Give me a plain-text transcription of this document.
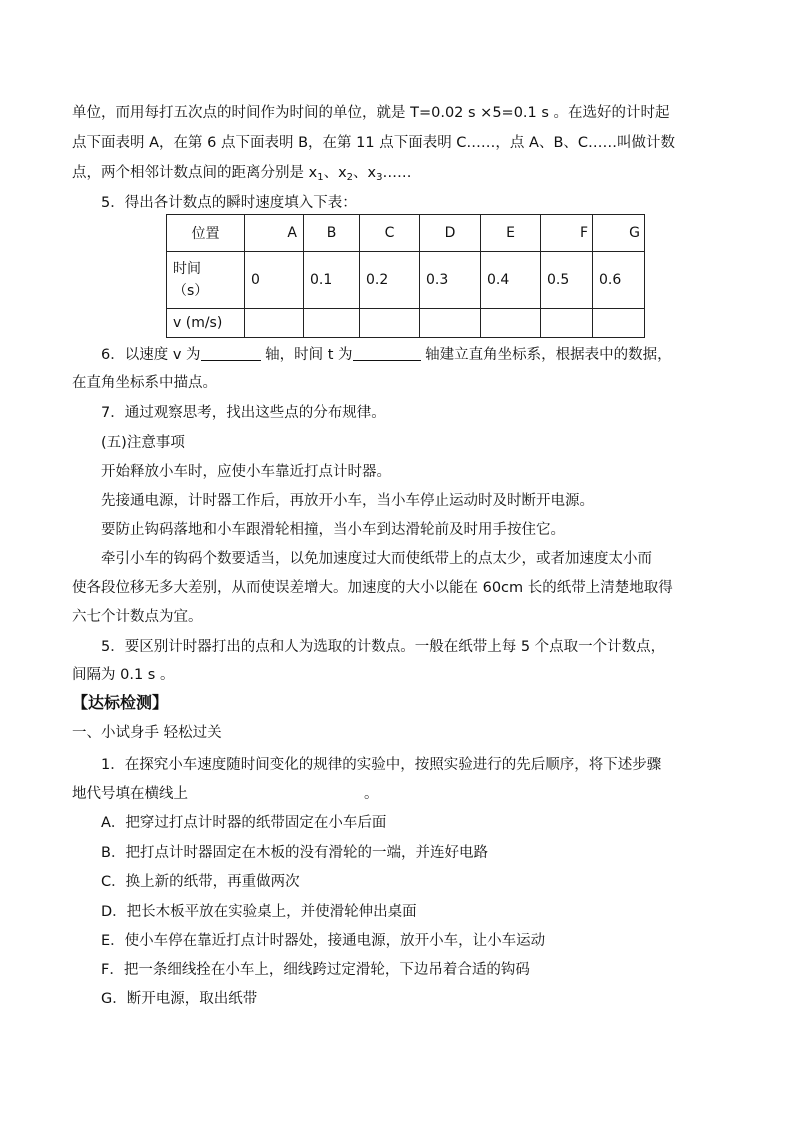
单位，而用每打五次点的时间作为时间的单位，就是 T=0.02 s ×5=0.1 s 。在选好的计时起
点下面表明 A，在第 6 点下面表明 B，在第 11 点下面表明 C……，点 A、B、C……叫做计数
点，两个相邻计数点间的距离分别是 $x_1$、$x_2$、$x_3\dots\dots$
5．得出各计数点的瞬时速度填入下表：
位置	A	B	C	D	E	F	G

时间
（s）	0	0.1	0.2	0.3	0.4	0.5	0.6
v (m/s)							
6．以速度 v 为	轴，时间 t 为	轴建立直角坐标系，根据表中的数据，
在直角坐标系中描点。
7．通过观察思考，找出这些点的分布规律。
(五)注意事项
开始释放小车时，应使小车靠近打点计时器。
先接通电源，计时器工作后，再放开小车，当小车停止运动时及时断开电源。
要防止钩码落地和小车跟滑轮相撞，当小车到达滑轮前及时用手按住它。
牵引小车的钩码个数要适当，以免加速度过大而使纸带上的点太少，或者加速度太小而
使各段位移无多大差别，从而使误差增大。加速度的大小以能在 60cm 长的纸带上清楚地取得
六七个计数点为宜。
5．要区别计时器打出的点和人为选取的计数点。一般在纸带上每 5 个点取一个计数点，
间隔为 0.1 s 。
【达标检测】
一、小试身手 轻松过关
1．在探究小车速度随时间变化的规律的实验中，按照实验进行的先后顺序，将下述步骤
地代号填在横线上	。
A．把穿过打点计时器的纸带固定在小车后面
B．把打点计时器固定在木板的没有滑轮的一端，并连好电路
C．换上新的纸带，再重做两次
D．把长木板平放在实验桌上，并使滑轮伸出桌面
E．使小车停在靠近打点计时器处，接通电源，放开小车，让小车运动
F．把一条细线拴在小车上，细线跨过定滑轮，下边吊着合适的钩码
G．断开电源，取出纸带
